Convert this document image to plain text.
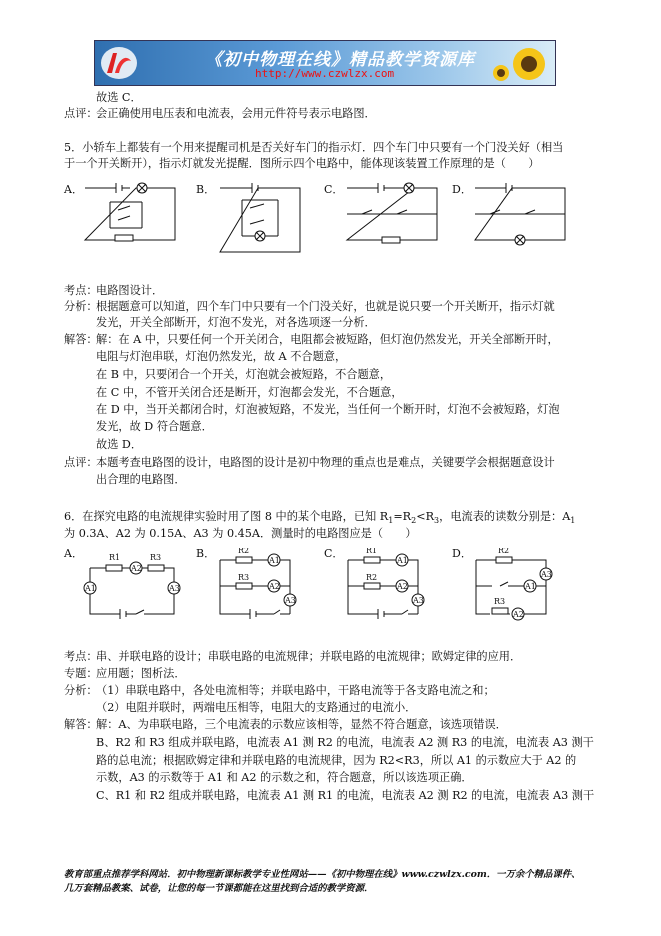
《初中物理在线》精品教学资源库
http://www.czwlzx.com
故选 C．
点评：
会正确使用电压表和电流表，会用元件符号表示电路图．
5．小轿车上都装有一个用来提醒司机是否关好车门的指示灯．四个车门中只要有一个门没关好（相当
于一个开关断开），指示灯就发光提醒．图所示四个电路中，能体现该装置工作原理的是（　　）
A．	B．	C．	D．
考点：
电路图设计．
分析：
根据题意可以知道，四个车门中只要有一个门没关好，也就是说只要一个开关断开，指示灯就
发光，开关全部断开，灯泡不发光，对各选项逐一分析．
解答：
解：在 A 中，只要任何一个开关闭合，电阻都会被短路，但灯泡仍然发光，开关全部断开时，
电阻与灯泡串联，灯泡仍然发光，故 A 不合题意，
在 B 中，只要闭合一个开关，灯泡就会被短路，不合题意，
在 C 中，不管开关闭合还是断开，灯泡都会发光，不合题意，
在 D 中，当开关都闭合时，灯泡被短路，不发光，当任何一个断开时，灯泡不会被短路，灯泡
发光，故 D 符合题意．
故选 D．
点评：
本题考查电路图的设计，电路图的设计是初中物理的重点也是难点，关键要学会根据题意设计
出合理的电路图．
6．在探究电路的电流规律实验时用了图 8 中的某个电路，已知 $R_1=R_2<R_3$，电流表的读数分别是：$A_1$
为 0.3A、A2 为 0.15A、A3 为 0.45A．测量时的电路图应是（　　）
A．	B．	C．	D．
R1	R3
A2
A1	A3
R2
R3
A1
A2
A3
R1
R2
A1
A2
A3
R2
R3
A1
A2
A3
考点：
串、并联电路的设计；串联电路的电流规律；并联电路的电流规律；欧姆定律的应用．
专题：
应用题；图析法．
分析：
（1）串联电路中，各处电流相等；并联电路中，干路电流等于各支路电流之和；
（2）电阻并联时，两端电压相等，电阻大的支路通过的电流小．
解答：
解：A、为串联电路，三个电流表的示数应该相等，显然不符合题意，该选项错误．
B、R2 和 R3 组成并联电路，电流表 A1 测 R2 的电流，电流表 A2 测 R3 的电流，电流表 A3 测干
路的总电流；根据欧姆定律和并联电路的电流规律，因为 R2<R3，所以 A1 的示数应大于 A2 的
示数，A3 的示数等于 A1 和 A2 的示数之和，符合题意，所以该选项正确．
C、R1 和 R2 组成并联电路，电流表 A1 测 R1 的电流，电流表 A2 测 R2 的电流，电流表 A3 测干
教育部重点推荐学科网站．初中物理新课标教学专业性网站——《初中物理在线》www.czwlzx.com．一万余个精品课件、
几万套精品教案、试卷，让您的每一节课都能在这里找到合适的教学资源．
